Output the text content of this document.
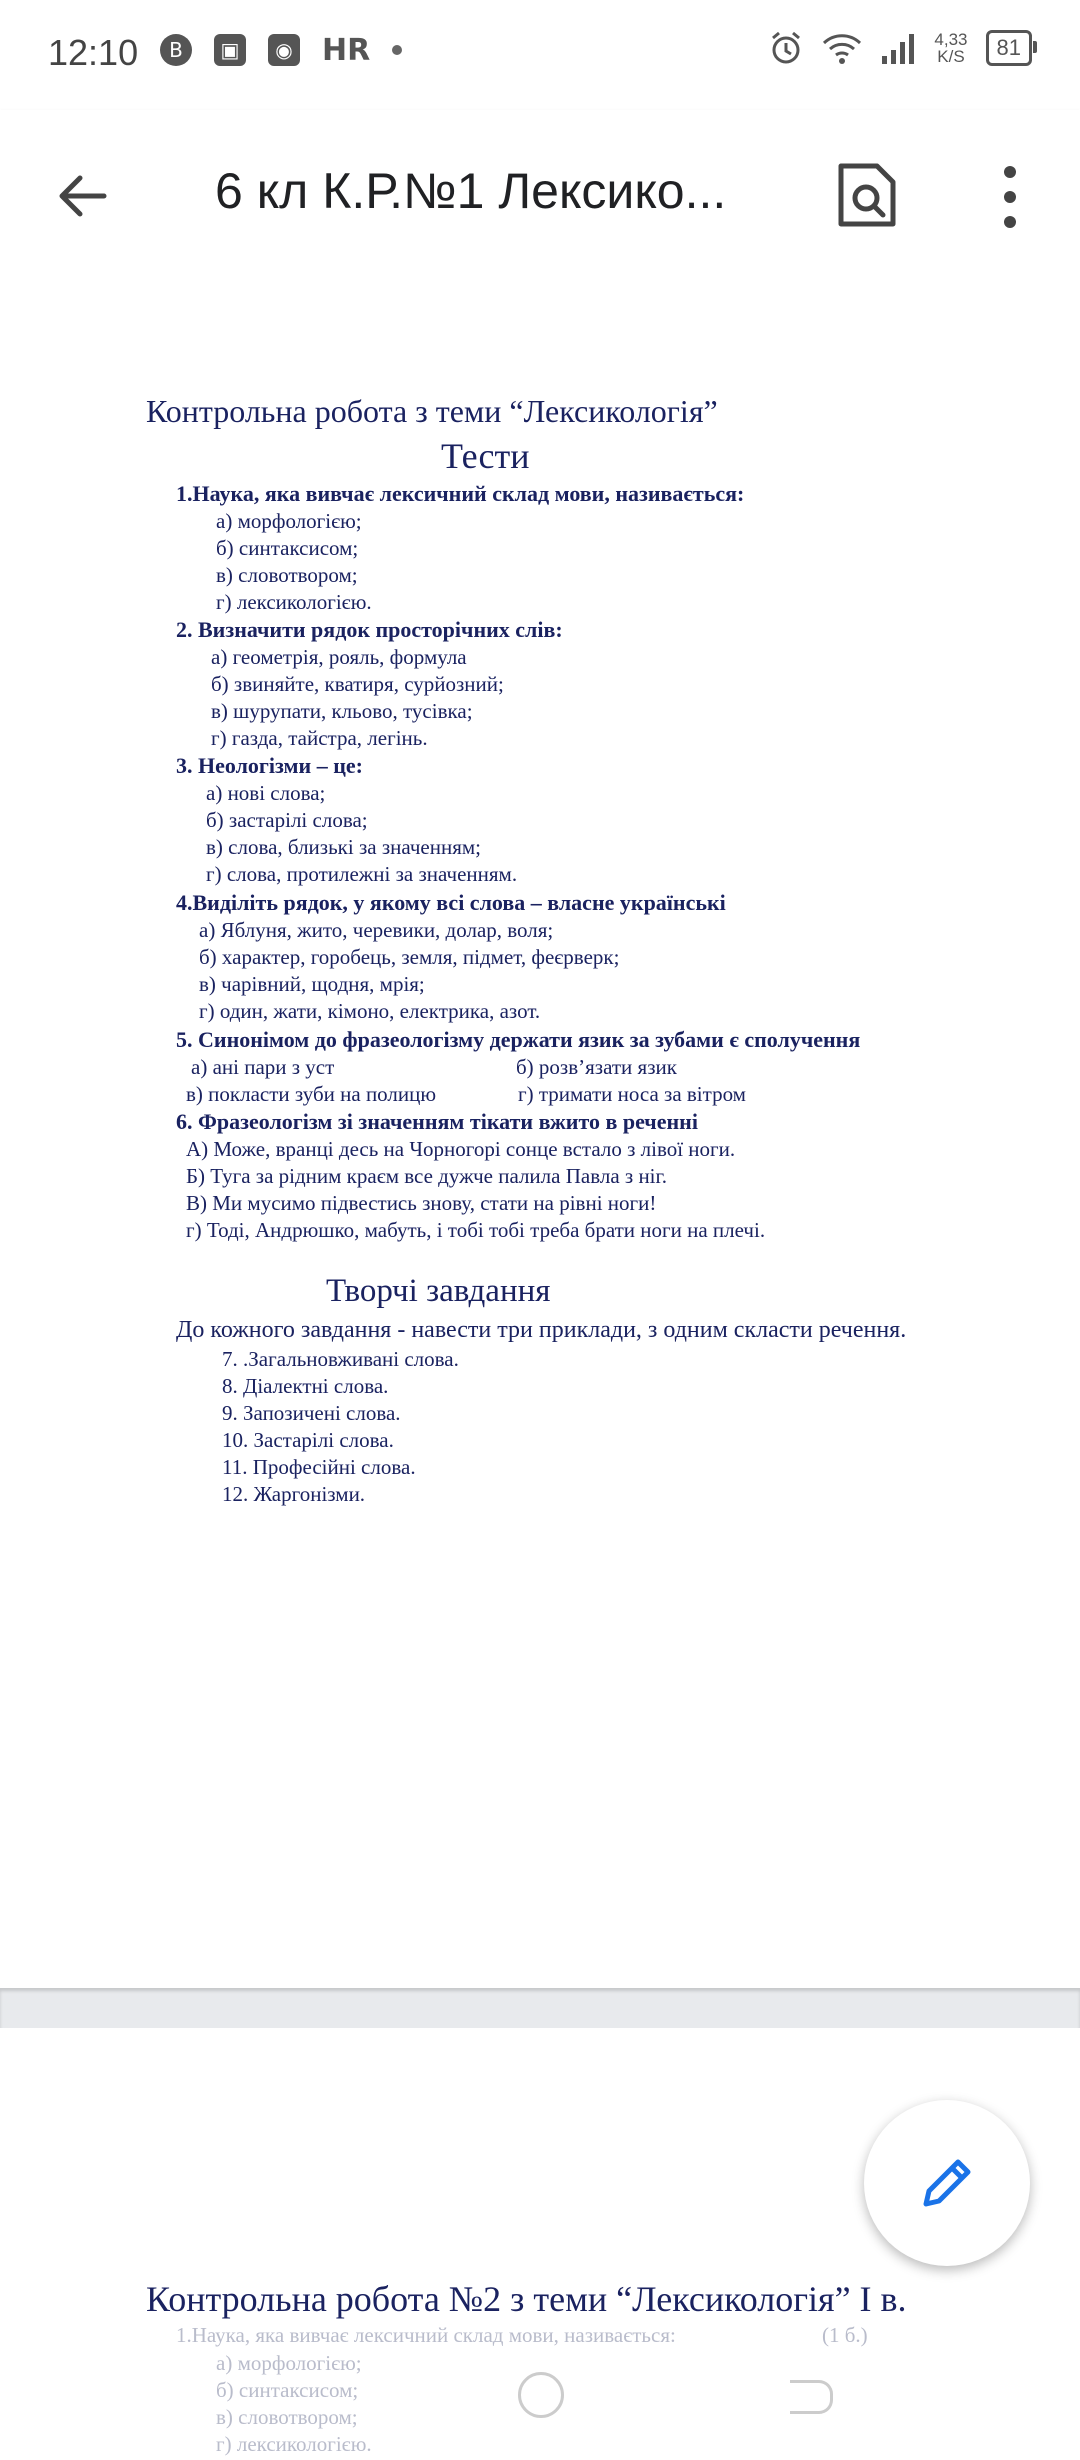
12:10	B	▣	◉ HR	4,33
K/S	81
6 кл К.Р.№1 Лексико...
Контрольна робота з теми “Лексикологія”
Тести
1.Наука, яка вивчає лексичний склад мови, називається:
а) морфологією;
б) синтаксисом;
в) словотвором;
г) лексикологією.
2. Визначити рядок просторічних слів:
а) геометрія, рояль, формула
б) звиняйте, кватиря, сурйозний;
в) шурупати, кльово, тусівка;
г) газда, тайстра, легінь.
3. Неологізми – це:
а) нові слова;
б) застарілі слова;
в) слова, близькі за значенням;
г) слова, протилежні за значенням.
4.Виділіть рядок, у якому всі слова – власне українські
а) Яблуня, жито, черевики, долар, воля;
б) характер, горобець, земля, підмет, феєрверк;
в) чарівний, щодня, мрія;
г) один, жати, кімоно, електрика, азот.
5. Синонімом до фразеологізму держати язик за зубами є сполучення
а) ані пари з уст	б) розв’язати язик
в) покласти зуби на полицю	г) тримати носа за вітром
6. Фразеологізм зі значенням тікати вжито в реченні
А) Може, вранці десь на Чорногорі сонце встало з лівої ноги.
Б) Туга за рідним краєм все дужче палила Павла з ніг.
В) Ми мусимо підвестись знову, стати на рівні ноги!
г) Тоді, Андрюшко, мабуть, і тобі тобі треба брати ноги на плечі.
Творчі завдання
До кожного завдання - навести три приклади, з одним скласти речення.
7. .Загальновживані слова.
8. Діалектні слова.
9. Запозичені слова.
10. Застарілі слова.
11. Професійні слова.
12. Жаргонізми.
Контрольна робота №2 з теми “Лексикологія” І в.
1.Наука, яка вивчає лексичний склад мови, називається:	(1 б.)
а) морфологією;
б) синтаксисом;
в) словотвором;
г) лексикологією.
